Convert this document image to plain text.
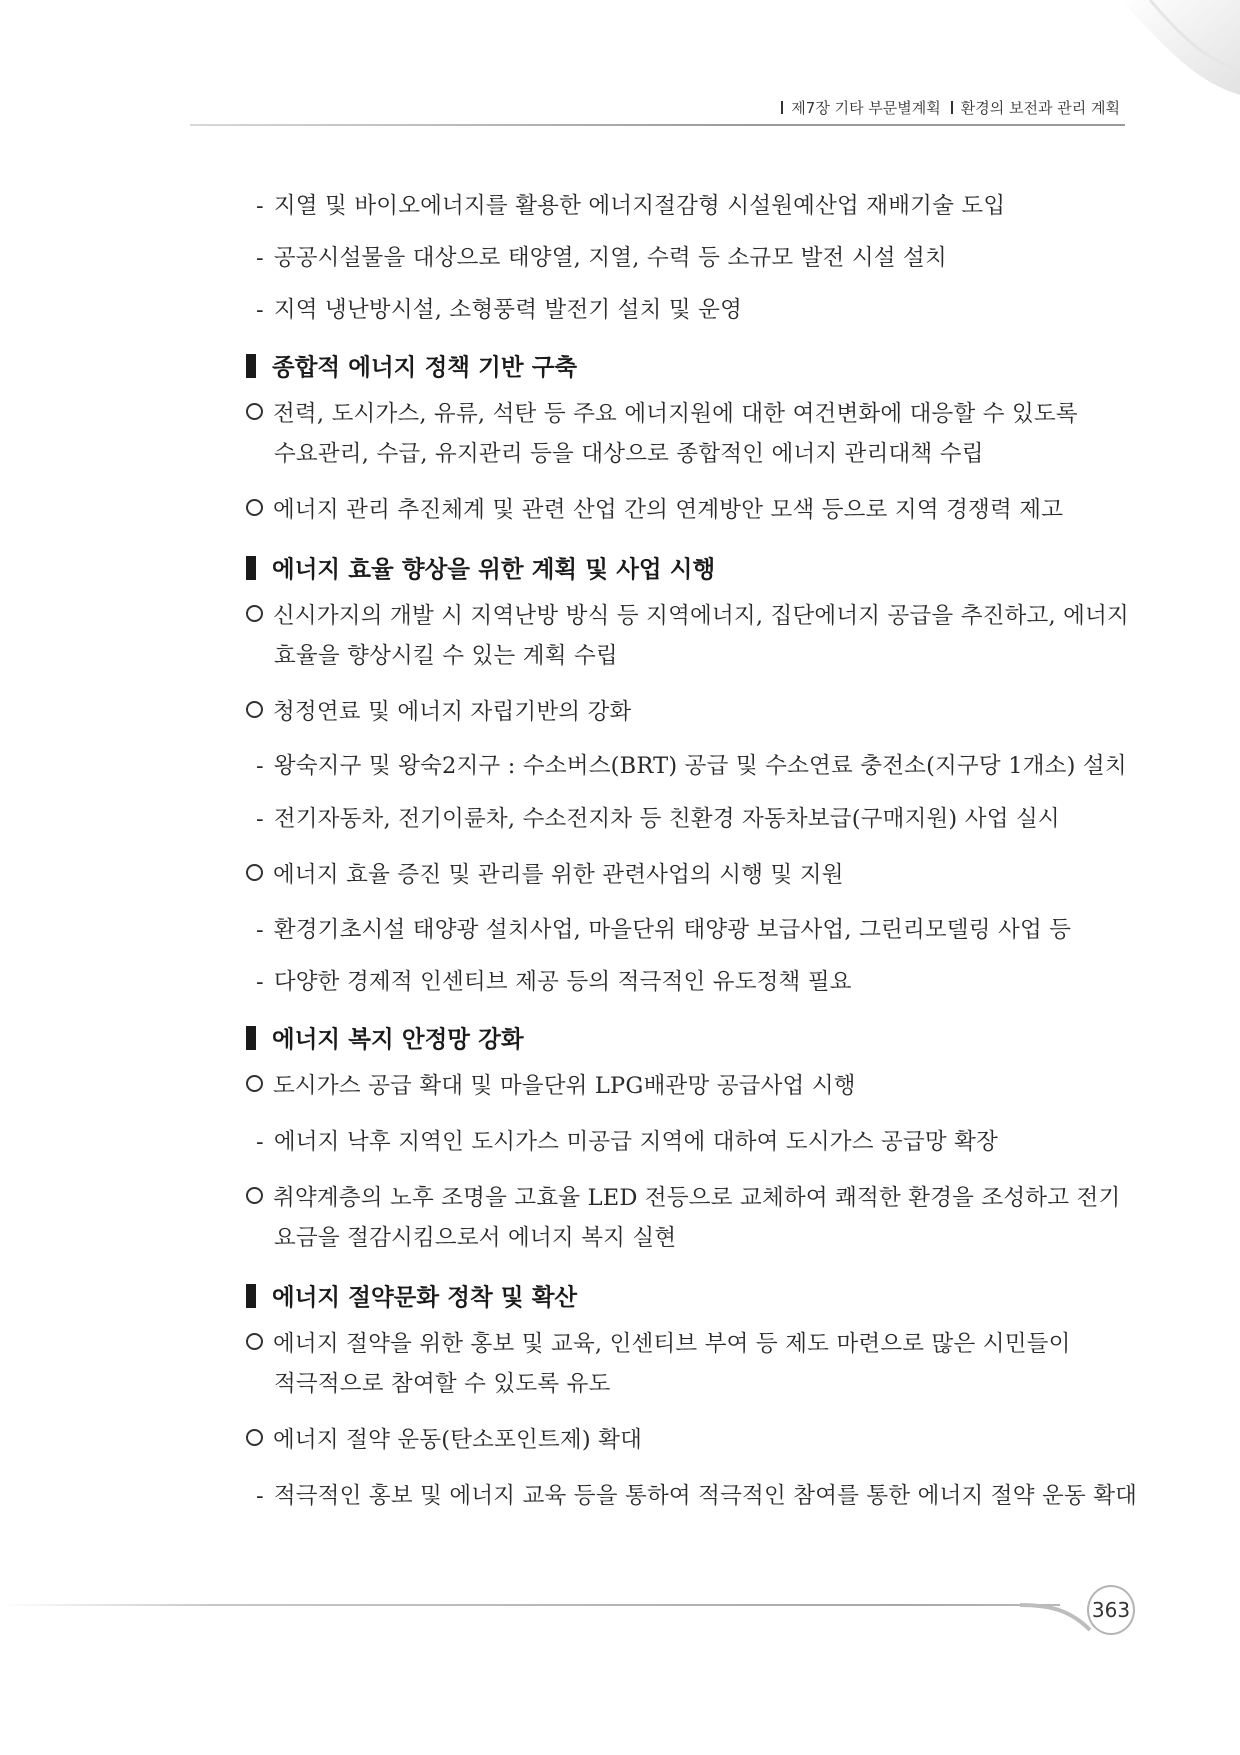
제7장 기타 부문별계획 환경의 보전과 관리 계획
- 지열 및 바이오에너지를 활용한 에너지절감형 시설원예산업 재배기술 도입
- 공공시설물을 대상으로 태양열, 지열, 수력 등 소규모 발전 시설 설치
- 지역 냉난방시설, 소형풍력 발전기 설치 및 운영
종합적 에너지 정책 기반 구축
전력, 도시가스, 유류, 석탄 등 주요 에너지원에 대한 여건변화에 대응할 수 있도록
수요관리, 수급, 유지관리 등을 대상으로 종합적인 에너지 관리대책 수립
에너지 관리 추진체계 및 관련 산업 간의 연계방안 모색 등으로 지역 경쟁력 제고
에너지 효율 향상을 위한 계획 및 사업 시행
신시가지의 개발 시 지역난방 방식 등 지역에너지, 집단에너지 공급을 추진하고, 에너지
효율을 향상시킬 수 있는 계획 수립
청정연료 및 에너지 자립기반의 강화
- 왕숙지구 및 왕숙2지구 : 수소버스(BRT) 공급 및 수소연료 충전소(지구당 1개소) 설치
- 전기자동차, 전기이륜차, 수소전지차 등 친환경 자동차보급(구매지원) 사업 실시
에너지 효율 증진 및 관리를 위한 관련사업의 시행 및 지원
- 환경기초시설 태양광 설치사업, 마을단위 태양광 보급사업, 그린리모델링 사업 등
- 다양한 경제적 인센티브 제공 등의 적극적인 유도정책 필요
에너지 복지 안정망 강화
도시가스 공급 확대 및 마을단위 LPG배관망 공급사업 시행
- 에너지 낙후 지역인 도시가스 미공급 지역에 대하여 도시가스 공급망 확장
취약계층의 노후 조명을 고효율 LED 전등으로 교체하여 쾌적한 환경을 조성하고 전기
요금을 절감시킴으로서 에너지 복지 실현
에너지 절약문화 정착 및 확산
에너지 절약을 위한 홍보 및 교육, 인센티브 부여 등 제도 마련으로 많은 시민들이
적극적으로 참여할 수 있도록 유도
에너지 절약 운동(탄소포인트제) 확대
- 적극적인 홍보 및 에너지 교육 등을 통하여 적극적인 참여를 통한 에너지 절약 운동 확대
363
